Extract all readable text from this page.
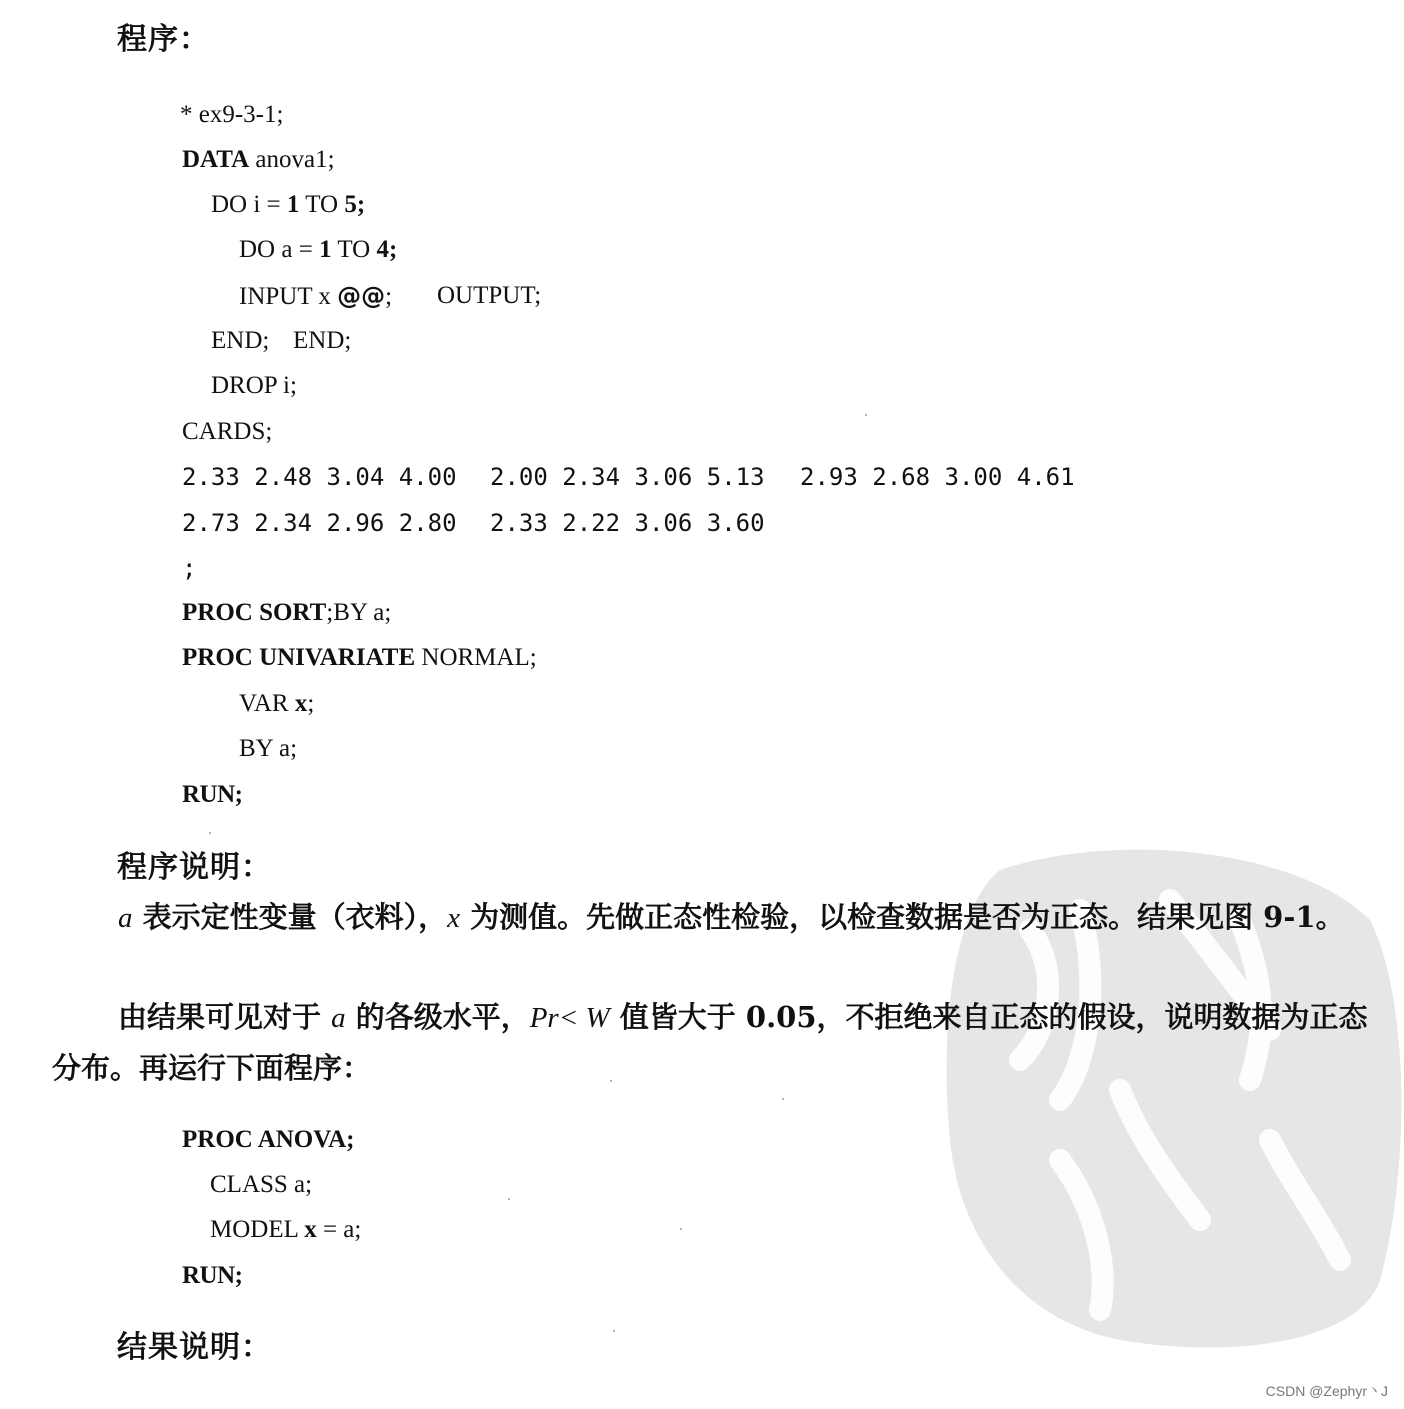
程序：
* ex9-3-1;
DATA anova1;
DO i = 1 TO 5;
DO a = 1 TO 4;
INPUT x @@; OUTPUT;
END; END;
DROP i;
CARDS;
2.33 2.48 3.04 4.00 2.00 2.34 3.06 5.13 2.93 2.68 3.00 4.61
2.73 2.34 2.96 2.80 2.33 2.22 3.06 3.60
;
PROC SORT;BY a;
PROC UNIVARIATE NORMAL;
VAR x;
BY a;
RUN;
程序说明：
a 表示定性变量（衣料），x 为测值。先做正态性检验，以检查数据是否为正态。结果见图 9-1。
由结果可见对于 a 的各级水平，Pr< W 值皆大于 0.05，不拒绝来自正态的假设，说明数据为正态分布。再运行下面程序：
PROC ANOVA;
CLASS a;
MODEL x = a;
RUN;
结果说明：
CSDN @Zephyr丶J
